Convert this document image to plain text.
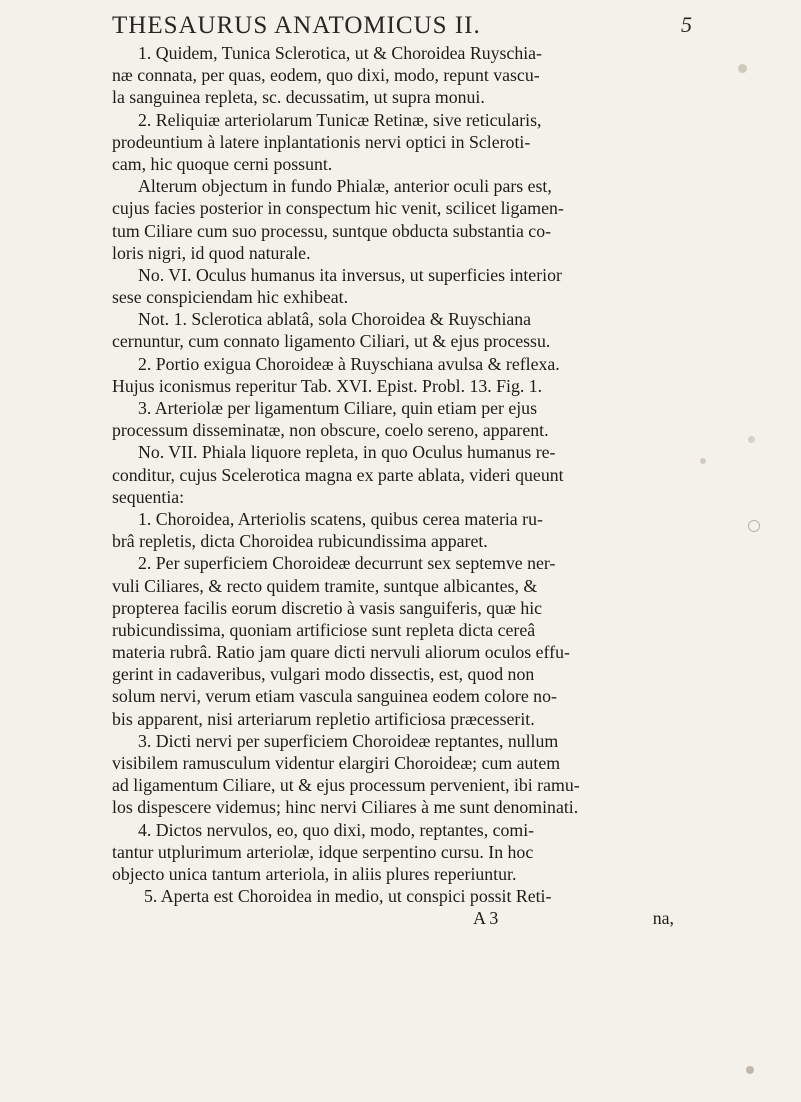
THESAURUS ANATOMICUS II.	5
1. Quidem, Tunica Sclerotica, ut & Choroidea Ruyschia-
næ connata, per quas, eodem, quo dixi, modo, repunt vascu-
la sanguinea repleta, sc. decussatim, ut supra monui.
2. Reliquiæ arteriolarum Tunicæ Retinæ, sive reticularis,
prodeuntium à latere inplantationis nervi optici in Scleroti-
cam, hic quoque cerni possunt.
Alterum objectum in fundo Phialæ, anterior oculi pars est,
cujus facies posterior in conspectum hic venit, scilicet ligamen-
tum Ciliare cum suo processu, suntque obducta substantia co-
loris nigri, id quod naturale.
No. VI. Oculus humanus ita inversus, ut superficies interior
sese conspiciendam hic exhibeat.
Not. 1. Sclerotica ablatâ, sola Choroidea & Ruyschiana
cernuntur, cum connato ligamento Ciliari, ut & ejus processu.
2. Portio exigua Choroideæ à Ruyschiana avulsa & reflexa.
Hujus iconismus reperitur Tab. XVI. Epist. Probl. 13. Fig. 1.
3. Arteriolæ per ligamentum Ciliare, quin etiam per ejus
processum disseminatæ, non obscure, coelo sereno, apparent.
No. VII. Phiala liquore repleta, in quo Oculus humanus re-
conditur, cujus Scelerotica magna ex parte ablata, videri queunt
sequentia:
1. Choroidea, Arteriolis scatens, quibus cerea materia ru-
brâ repletis, dicta Choroidea rubicundissima apparet.
2. Per superficiem Choroideæ decurrunt sex septemve ner-
vuli Ciliares, & recto quidem tramite, suntque albicantes, &
propterea facilis eorum discretio à vasis sanguiferis, quæ hic
rubicundissima, quoniam artificiose sunt repleta dicta cereâ
materia rubrâ. Ratio jam quare dicti nervuli aliorum oculos effu-
gerint in cadaveribus, vulgari modo dissectis, est, quod non
solum nervi, verum etiam vascula sanguinea eodem colore no-
bis apparent, nisi arteriarum repletio artificiosa præcesserit.
3. Dicti nervi per superficiem Choroideæ reptantes, nullum
visibilem ramusculum videntur elargiri Choroideæ; cum autem
ad ligamentum Ciliare, ut & ejus processum pervenient, ibi ramu-
los dispescere videmus; hinc nervi Ciliares à me sunt denominati.
4. Dictos nervulos, eo, quo dixi, modo, reptantes, comi-
tantur utplurimum arteriolæ, idque serpentino cursu. In hoc
objecto unica tantum arteriola, in aliis plures reperiuntur.
5. Aperta est Choroidea in medio, ut conspici possit Reti-
A 3	na,
